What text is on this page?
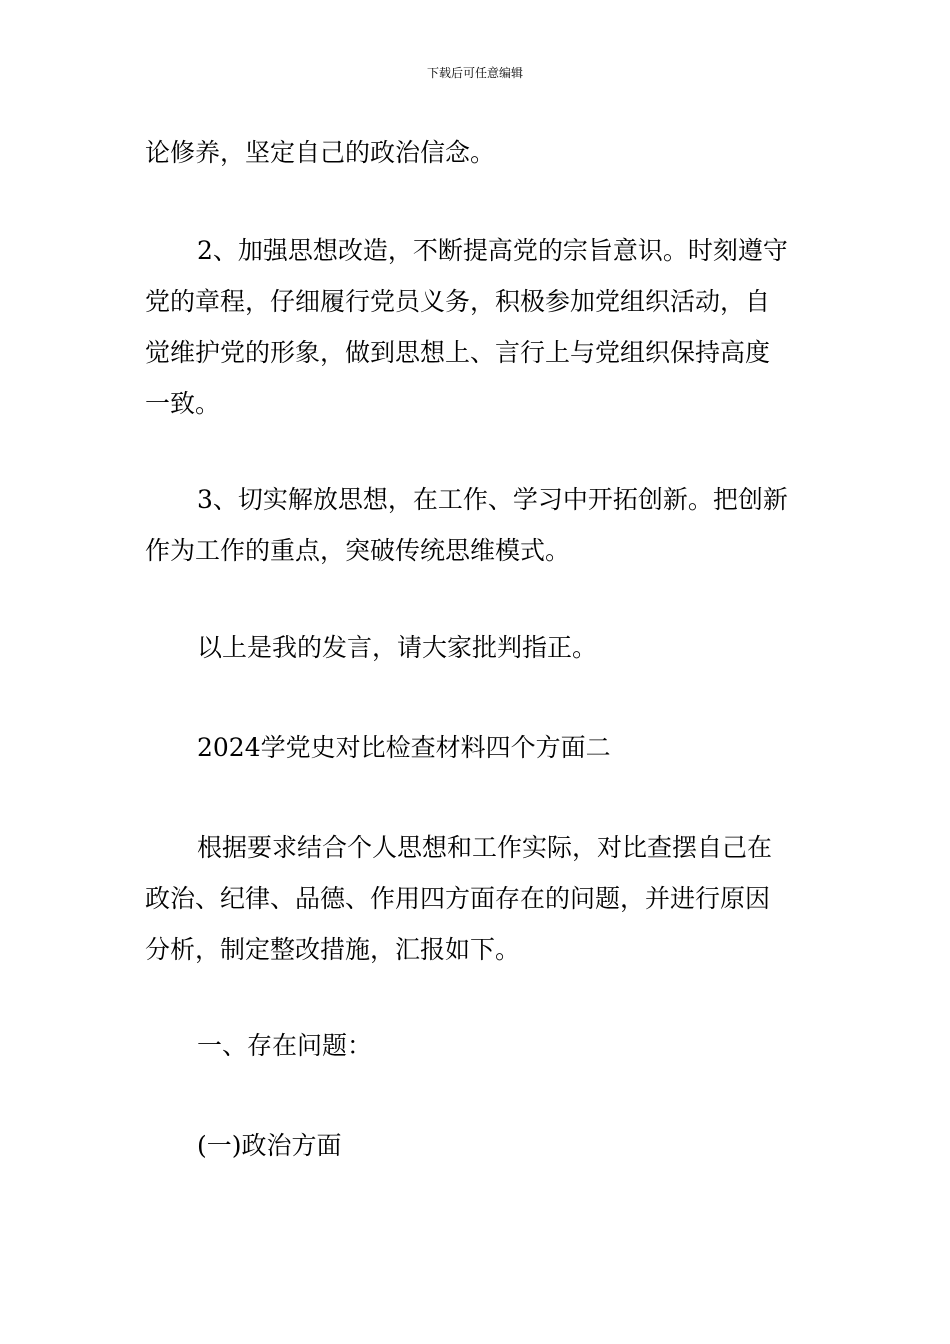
下载后可任意编辑

论修养，坚定自己的政治信念。

2、加强思想改造，不断提高党的宗旨意识。时刻遵守

党的章程，仔细履行党员义务，积极参加党组织活动，自

觉维护党的形象，做到思想上、言行上与党组织保持高度

一致。

3、切实解放思想，在工作、学习中开拓创新。把创新

作为工作的重点，突破传统思维模式。

以上是我的发言，请大家批判指正。

2024学党史对比检查材料四个方面二

根据要求结合个人思想和工作实际，对比查摆自己在

政治、纪律、品德、作用四方面存在的问题，并进行原因

分析，制定整改措施，汇报如下。

一、存在问题：

(一)政治方面
